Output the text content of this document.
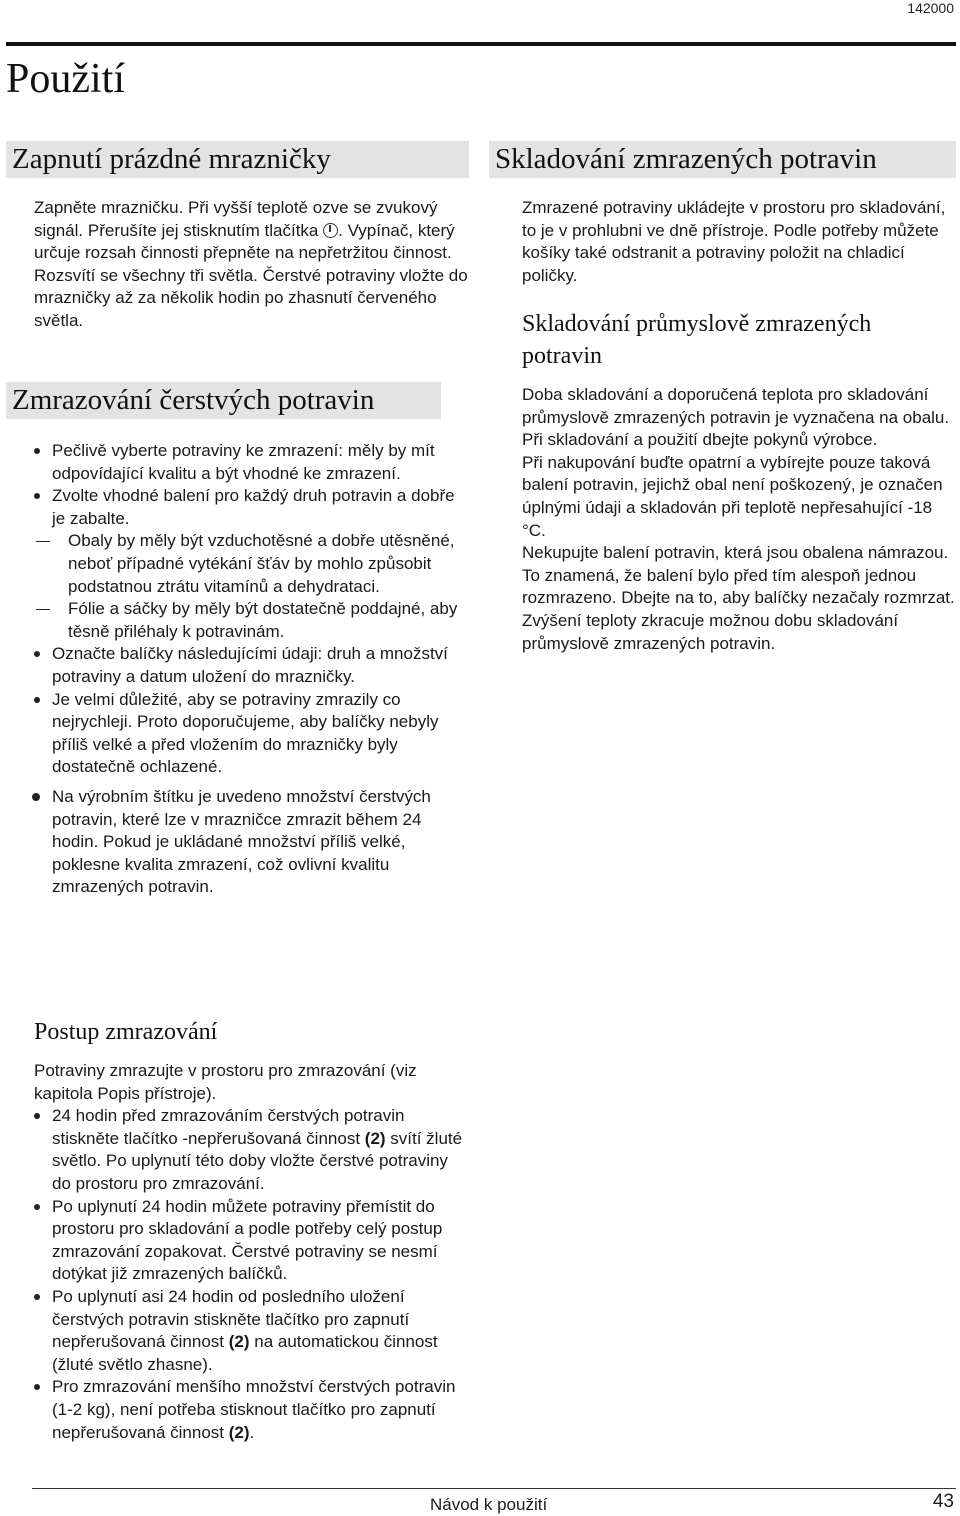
142000
Použití
Zapnutí prázdné mrazničky

Zapněte mrazničku. Při vyšší teplotě ozve se zvukový signál. Přerušíte jej stisknutím tlačítka . Vypínač, který určuje rozsah činnosti přepněte na nepřetržitou činnost. Rozsvítí se všechny tři světla. Čerstvé potraviny vložte do mrazničky až za několik hodin po zhasnutí červeného světla.

Zmrazování čerstvých potravin
Pečlivě vyberte potraviny ke zmrazení: měly by mít odpovídající kvalitu a být vhodné ke zmrazení.
Zvolte vhodné balení pro každý druh potravin a dobře je zabalte.
Obaly by měly být vzduchotěsné a dobře utěsněné, neboť případné vytékání šťáv by mohlo způsobit podstatnou ztrátu vitamínů a dehydrataci.
Fólie a sáčky by měly být dostatečně poddajné, aby těsně přiléhaly k potravinám.
Označte balíčky následujícími údaji: druh a množství potraviny a datum uložení do mrazničky.
Je velmi důležité, aby se potraviny zmrazily co nejrychleji. Proto doporučujeme, aby balíčky nebyly příliš velké a před vložením do mrazničky byly dostatečně ochlazené.
Na výrobním štítku je uvedeno množství čerstvých potravin, které lze v mrazničce zmrazit během 24 hodin. Pokud je ukládané množství příliš velké, poklesne kvalita zmrazení, což ovlivní kvalitu zmrazených potravin.
Postup zmrazování

Potraviny zmrazujte v prostoru pro zmrazování (viz kapitola Popis přístroje).

24 hodin před zmrazováním čerstvých potravin stiskněte tlačítko -nepřerušovaná činnost (2) svítí žluté světlo. Po uplynutí této doby vložte čerstvé potraviny do prostoru pro zmrazování.
Po uplynutí 24 hodin můžete potraviny přemístit do prostoru pro skladování a podle potřeby celý postup zmrazování zopakovat. Čerstvé potraviny se nesmí dotýkat již zmrazených balíčků.
Po uplynutí asi 24 hodin od posledního uložení čerstvých potravin stiskněte tlačítko pro zapnutí nepřerušovaná činnost (2) na automatickou činnost (žluté světlo zhasne).
Pro zmrazování menšího množství čerstvých potravin (1-2 kg), není potřeba stisknout tlačítko pro zapnutí nepřerušovaná činnost (2).
Skladování zmrazených potravin

Zmrazené potraviny ukládejte v prostoru pro skladování, to je v prohlubni ve dně přístroje. Podle potřeby můžete košíky také odstranit a potraviny položit na chladicí poličky.

Skladování průmyslově zmrazených potravin

Doba skladování a doporučená teplota pro skladování průmyslově zmrazených potravin je vyznačena na obalu. Při skladování a použití dbejte pokynů výrobce.

Při nakupování buďte opatrní a vybírejte pouze taková balení potravin, jejichž obal není poškozený, je označen úplnými údaji a skladován při teplotě nepřesahující -18 °C.

Nekupujte balení potravin, která jsou obalena námrazou. To znamená, že balení bylo před tím alespoň jednou rozmrazeno. Dbejte na to, aby balíčky nezačaly rozmrzat. Zvýšení teploty zkracuje možnou dobu skladování průmyslově zmrazených potravin.

Návod k použití	43
